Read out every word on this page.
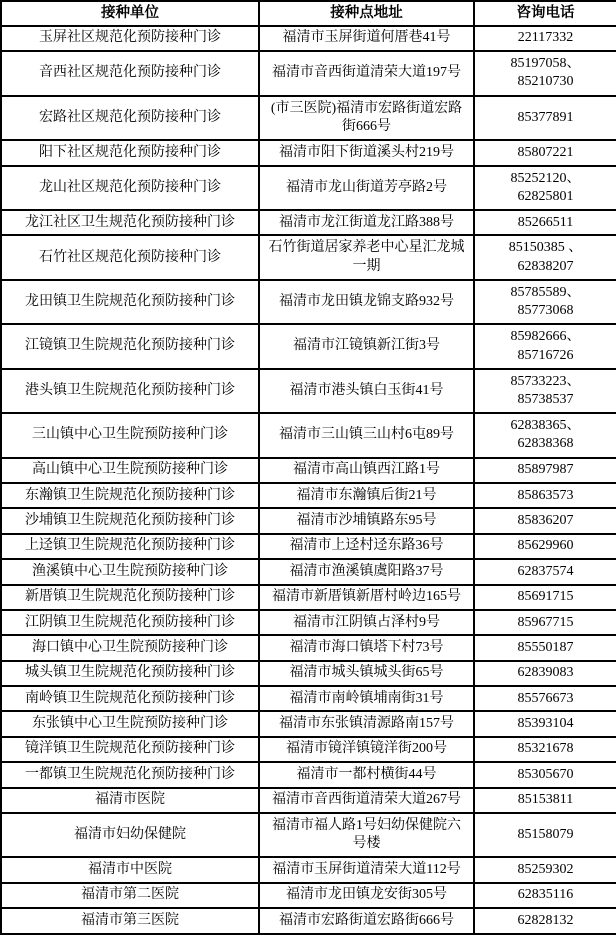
接种单位	接种点地址	咨询电话
玉屏社区规范化预防接种门诊	福清市玉屏街道何厝巷41号	22117332
音西社区规范化预防接种门诊	福清市音西街道清荣大道197号	85197058、
85210730
宏路社区规范化预防接种门诊	(市三医院)福清市宏路街道宏路
街666号	85377891
阳下社区规范化预防接种门诊	福清市阳下街道溪头村219号	85807221
龙山社区规范化预防接种门诊	福清市龙山街道芳亭路2号	85252120、
62825801
龙江社区卫生规范化预防接种门诊	福清市龙江街道龙江路388号	85266511
石竹社区规范化预防接种门诊	石竹街道居家养老中心星汇龙城
一期	85150385 、
62838207
龙田镇卫生院规范化预防接种门诊	福清市龙田镇龙锦支路932号	85785589、
85773068
江镜镇卫生院规范化预防接种门诊	福清市江镜镇新江街3号	85982666、
85716726
港头镇卫生院规范化预防接种门诊	福清市港头镇白玉街41号	85733223、
85738537
三山镇中心卫生院预防接种门诊	福清市三山镇三山村6屯89号	62838365、
62838368
高山镇中心卫生院预防接种门诊	福清市高山镇西江路1号	85897987
东瀚镇卫生院规范化预防接种门诊	福清市东瀚镇后街21号	85863573
沙埔镇卫生院规范化预防接种门诊	福清市沙埔镇路东95号	85836207
上迳镇卫生院规范化预防接种门诊	福清市上迳村迳东路36号	85629960
渔溪镇中心卫生院预防接种门诊	福清市渔溪镇虞阳路37号	62837574
新厝镇卫生院规范化预防接种门诊	福清市新厝镇新厝村岭边165号	85691715
江阴镇卫生院规范化预防接种门诊	福清市江阴镇占泽村9号	85967715
海口镇中心卫生院预防接种门诊	福清市海口镇塔下村73号	85550187
城头镇卫生院规范化预防接种门诊	福清市城头镇城头街65号	62839083
南岭镇卫生院规范化预防接种门诊	福清市南岭镇埔南街31号	85576673
东张镇中心卫生院预防接种门诊	福清市东张镇清源路南157号	85393104
镜洋镇卫生院规范化预防接种门诊	福清市镜洋镇镜洋街200号	85321678
一都镇卫生院规范化预防接种门诊	福清市一都村横街44号	85305670
福清市医院	福清市音西街道清荣大道267号	85153811
福清市妇幼保健院	福清市福人路1号妇幼保健院六
号楼	85158079
福清市中医院	福清市玉屏街道清荣大道112号	85259302
福清市第二医院	福清市龙田镇龙安街305号	62835116
福清市第三医院	福清市宏路街道宏路街666号	62828132
